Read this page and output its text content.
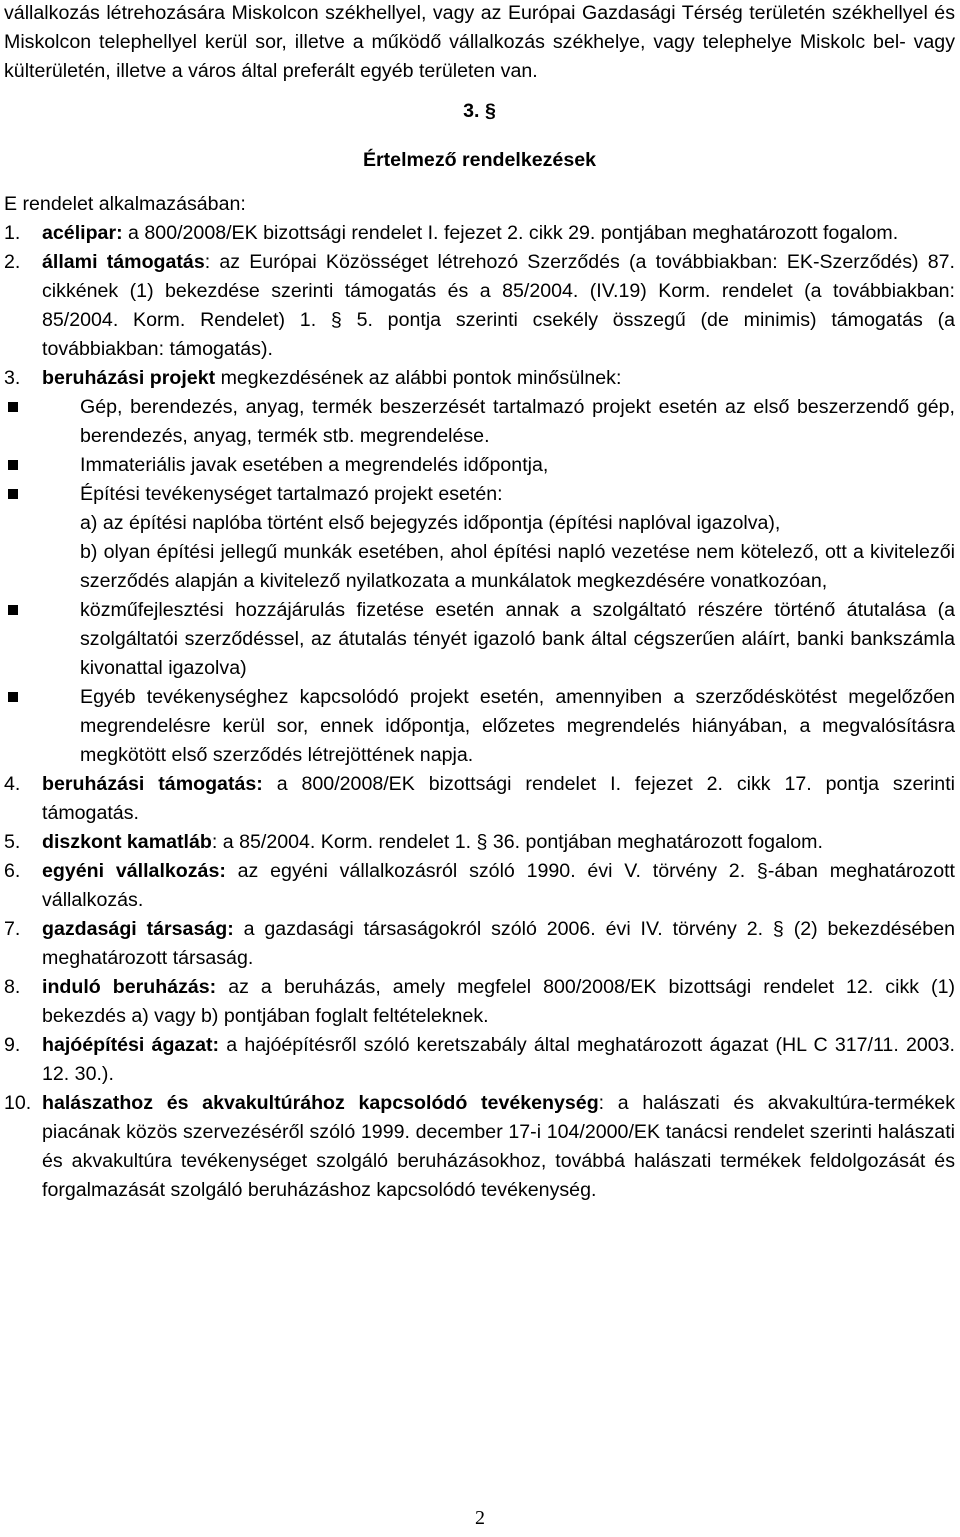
vállalkozás létrehozására Miskolcon székhellyel, vagy az Európai Gazdasági Térség területén székhellyel és Miskolcon telephellyel kerül sor, illetve a működő vállalkozás székhelye, vagy telephelye Miskolc bel- vagy külterületén, illetve a város által preferált egyéb területen van.
3. §
Értelmező rendelkezések
E rendelet alkalmazásában:
1. acélipar: a 800/2008/EK bizottsági rendelet I. fejezet 2. cikk 29. pontjában meghatározott fogalom.
2. állami támogatás: az Európai Közösséget létrehozó Szerződés (a továbbiakban: EK-Szerződés) 87. cikkének (1) bekezdése szerinti támogatás és a 85/2004. (IV.19) Korm. rendelet (a továbbiakban: 85/2004. Korm. Rendelet) 1. § 5. pontja szerinti csekély összegű (de minimis) támogatás (a továbbiakban: támogatás).
3. beruházási projekt megkezdésének az alábbi pontok minősülnek:
Gép, berendezés, anyag, termék beszerzését tartalmazó projekt esetén az első beszerzendő gép, berendezés, anyag, termék stb. megrendelése.
Immateriális javak esetében a megrendelés időpontja,
Építési tevékenységet tartalmazó projekt esetén:
a) az építési naplóba történt első bejegyzés időpontja (építési naplóval igazolva),
b) olyan építési jellegű munkák esetében, ahol építési napló vezetése nem kötelező, ott a kivitelezői szerződés alapján a kivitelező nyilatkozata a munkálatok megkezdésére vonatkozóan,
közműfejlesztési hozzájárulás fizetése esetén annak a szolgáltató részére történő átutalása (a szolgáltatói szerződéssel, az átutalás tényét igazoló bank által cégszerűen aláírt, banki bankszámla kivonattal igazolva)
Egyéb tevékenységhez kapcsolódó projekt esetén, amennyiben a szerződéskötést megelőzően megrendelésre kerül sor, ennek időpontja, előzetes megrendelés hiányában, a megvalósításra megkötött első szerződés létrejöttének napja.
4. beruházási támogatás: a 800/2008/EK bizottsági rendelet I. fejezet 2. cikk 17. pontja szerinti támogatás.
5. diszkont kamatláb: a 85/2004. Korm. rendelet 1. § 36. pontjában meghatározott fogalom.
6. egyéni vállalkozás: az egyéni vállalkozásról szóló 1990. évi V. törvény 2. §-ában meghatározott vállalkozás.
7. gazdasági társaság: a gazdasági társaságokról szóló 2006. évi IV. törvény 2. § (2) bekezdésében meghatározott társaság.
8. induló beruházás: az a beruházás, amely megfelel 800/2008/EK bizottsági rendelet 12. cikk (1) bekezdés a) vagy b) pontjában foglalt feltételeknek.
9. hajóépítési ágazat: a hajóépítésről szóló keretszabály által meghatározott ágazat (HL C 317/11. 2003. 12. 30.).
10. halászathoz és akvakultúrához kapcsolódó tevékenység: a halászati és akvakultúra-termékek piacának közös szervezéséről szóló 1999. december 17-i 104/2000/EK tanácsi rendelet szerinti halászati és akvakultúra tevékenységet szolgáló beruházásokhoz, továbbá halászati termékek feldolgozását és forgalmazását szolgáló beruházáshoz kapcsolódó tevékenység.
2
